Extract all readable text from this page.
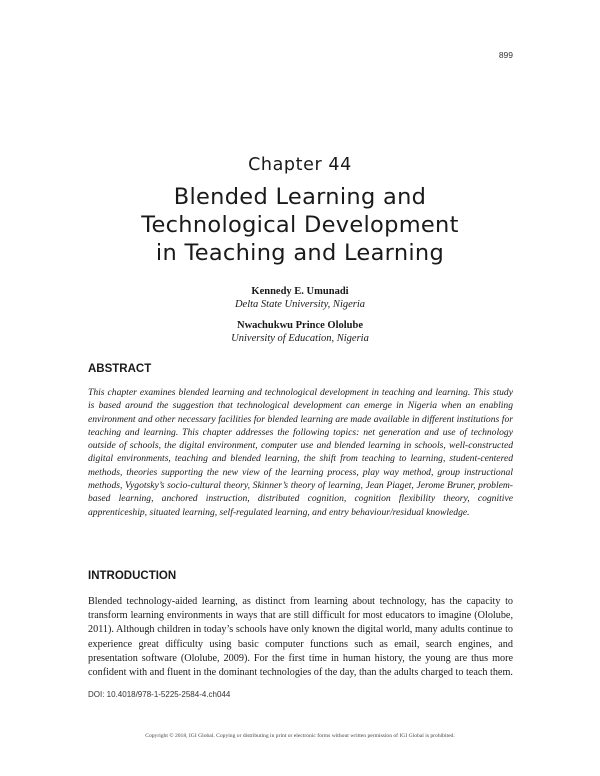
899
Chapter 44
Blended Learning and
Technological Development
in Teaching and Learning
Kennedy E. Umunadi
Delta State University, Nigeria
Nwachukwu Prince Ololube
University of Education, Nigeria
ABSTRACT
This chapter examines blended learning and technological development in teaching and learning. This study is based around the suggestion that technological development can emerge in Nigeria when an enabling environment and other necessary facilities for blended learning are made available in different institutions for teaching and learning. This chapter addresses the following topics: net generation and use of technology outside of schools, the digital environment, computer use and blended learning in schools, well-constructed digital environments, teaching and blended learning, the shift from teaching to learning, student-centered methods, theories supporting the new view of the learning process, play way method, group instructional methods, Vygotsky’s socio-cultural theory, Skinner’s theory of learning, Jean Piaget, Jerome Bruner, problem-based learning, anchored instruction, distributed cognition, cognition flexibility theory, cognitive apprenticeship, situated learning, self-regulated learning, and entry behaviour/residual knowledge.
INTRODUCTION
Blended technology-aided learning, as distinct from learning about technology, has the capacity to transform learning environments in ways that are still difficult for most educators to imagine (Ololube, 2011). Although children in today’s schools have only known the digital world, many adults continue to experience great difficulty using basic computer functions such as email, search engines, and presentation software (Ololube, 2009). For the first time in human history, the young are thus more confident with and fluent in the dominant technologies of the day, than the adults charged to teach them.
DOI: 10.4018/978-1-5225-2584-4.ch044
Copyright © 2018, IGI Global. Copying or distributing in print or electronic forms without written permission of IGI Global is prohibited.
